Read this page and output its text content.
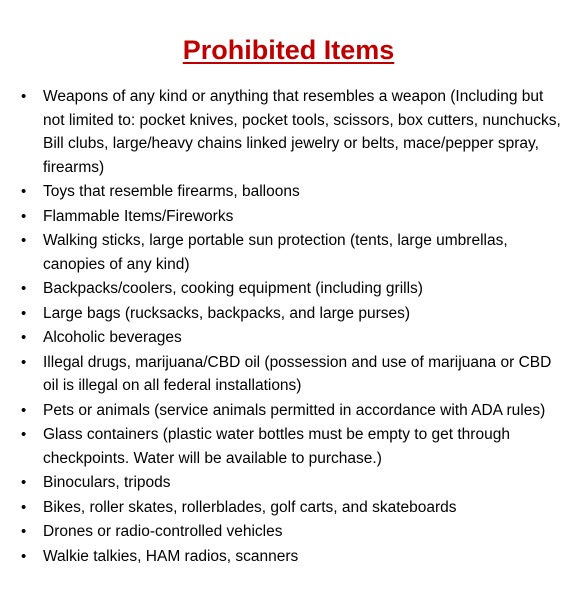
Prohibited Items
• Weapons of any kind or anything that resembles a weapon (Including but not limited to: pocket knives, pocket tools, scissors, box cutters, nunchucks, Bill clubs, large/heavy chains linked jewelry or belts, mace/pepper spray, firearms)
• Toys that resemble firearms, balloons
• Flammable Items/Fireworks
• Walking sticks, large portable sun protection (tents, large umbrellas, canopies of any kind)
• Backpacks/coolers, cooking equipment (including grills)
• Large bags (rucksacks, backpacks, and large purses)
• Alcoholic beverages
• Illegal drugs, marijuana/CBD oil (possession and use of marijuana or CBD oil is illegal on all federal installations)
• Pets or animals (service animals permitted in accordance with ADA rules)
• Glass containers (plastic water bottles must be empty to get through checkpoints. Water will be available to purchase.)
• Binoculars, tripods
• Bikes, roller skates, rollerblades, golf carts, and skateboards
• Drones or radio-controlled vehicles
• Walkie talkies, HAM radios, scanners
